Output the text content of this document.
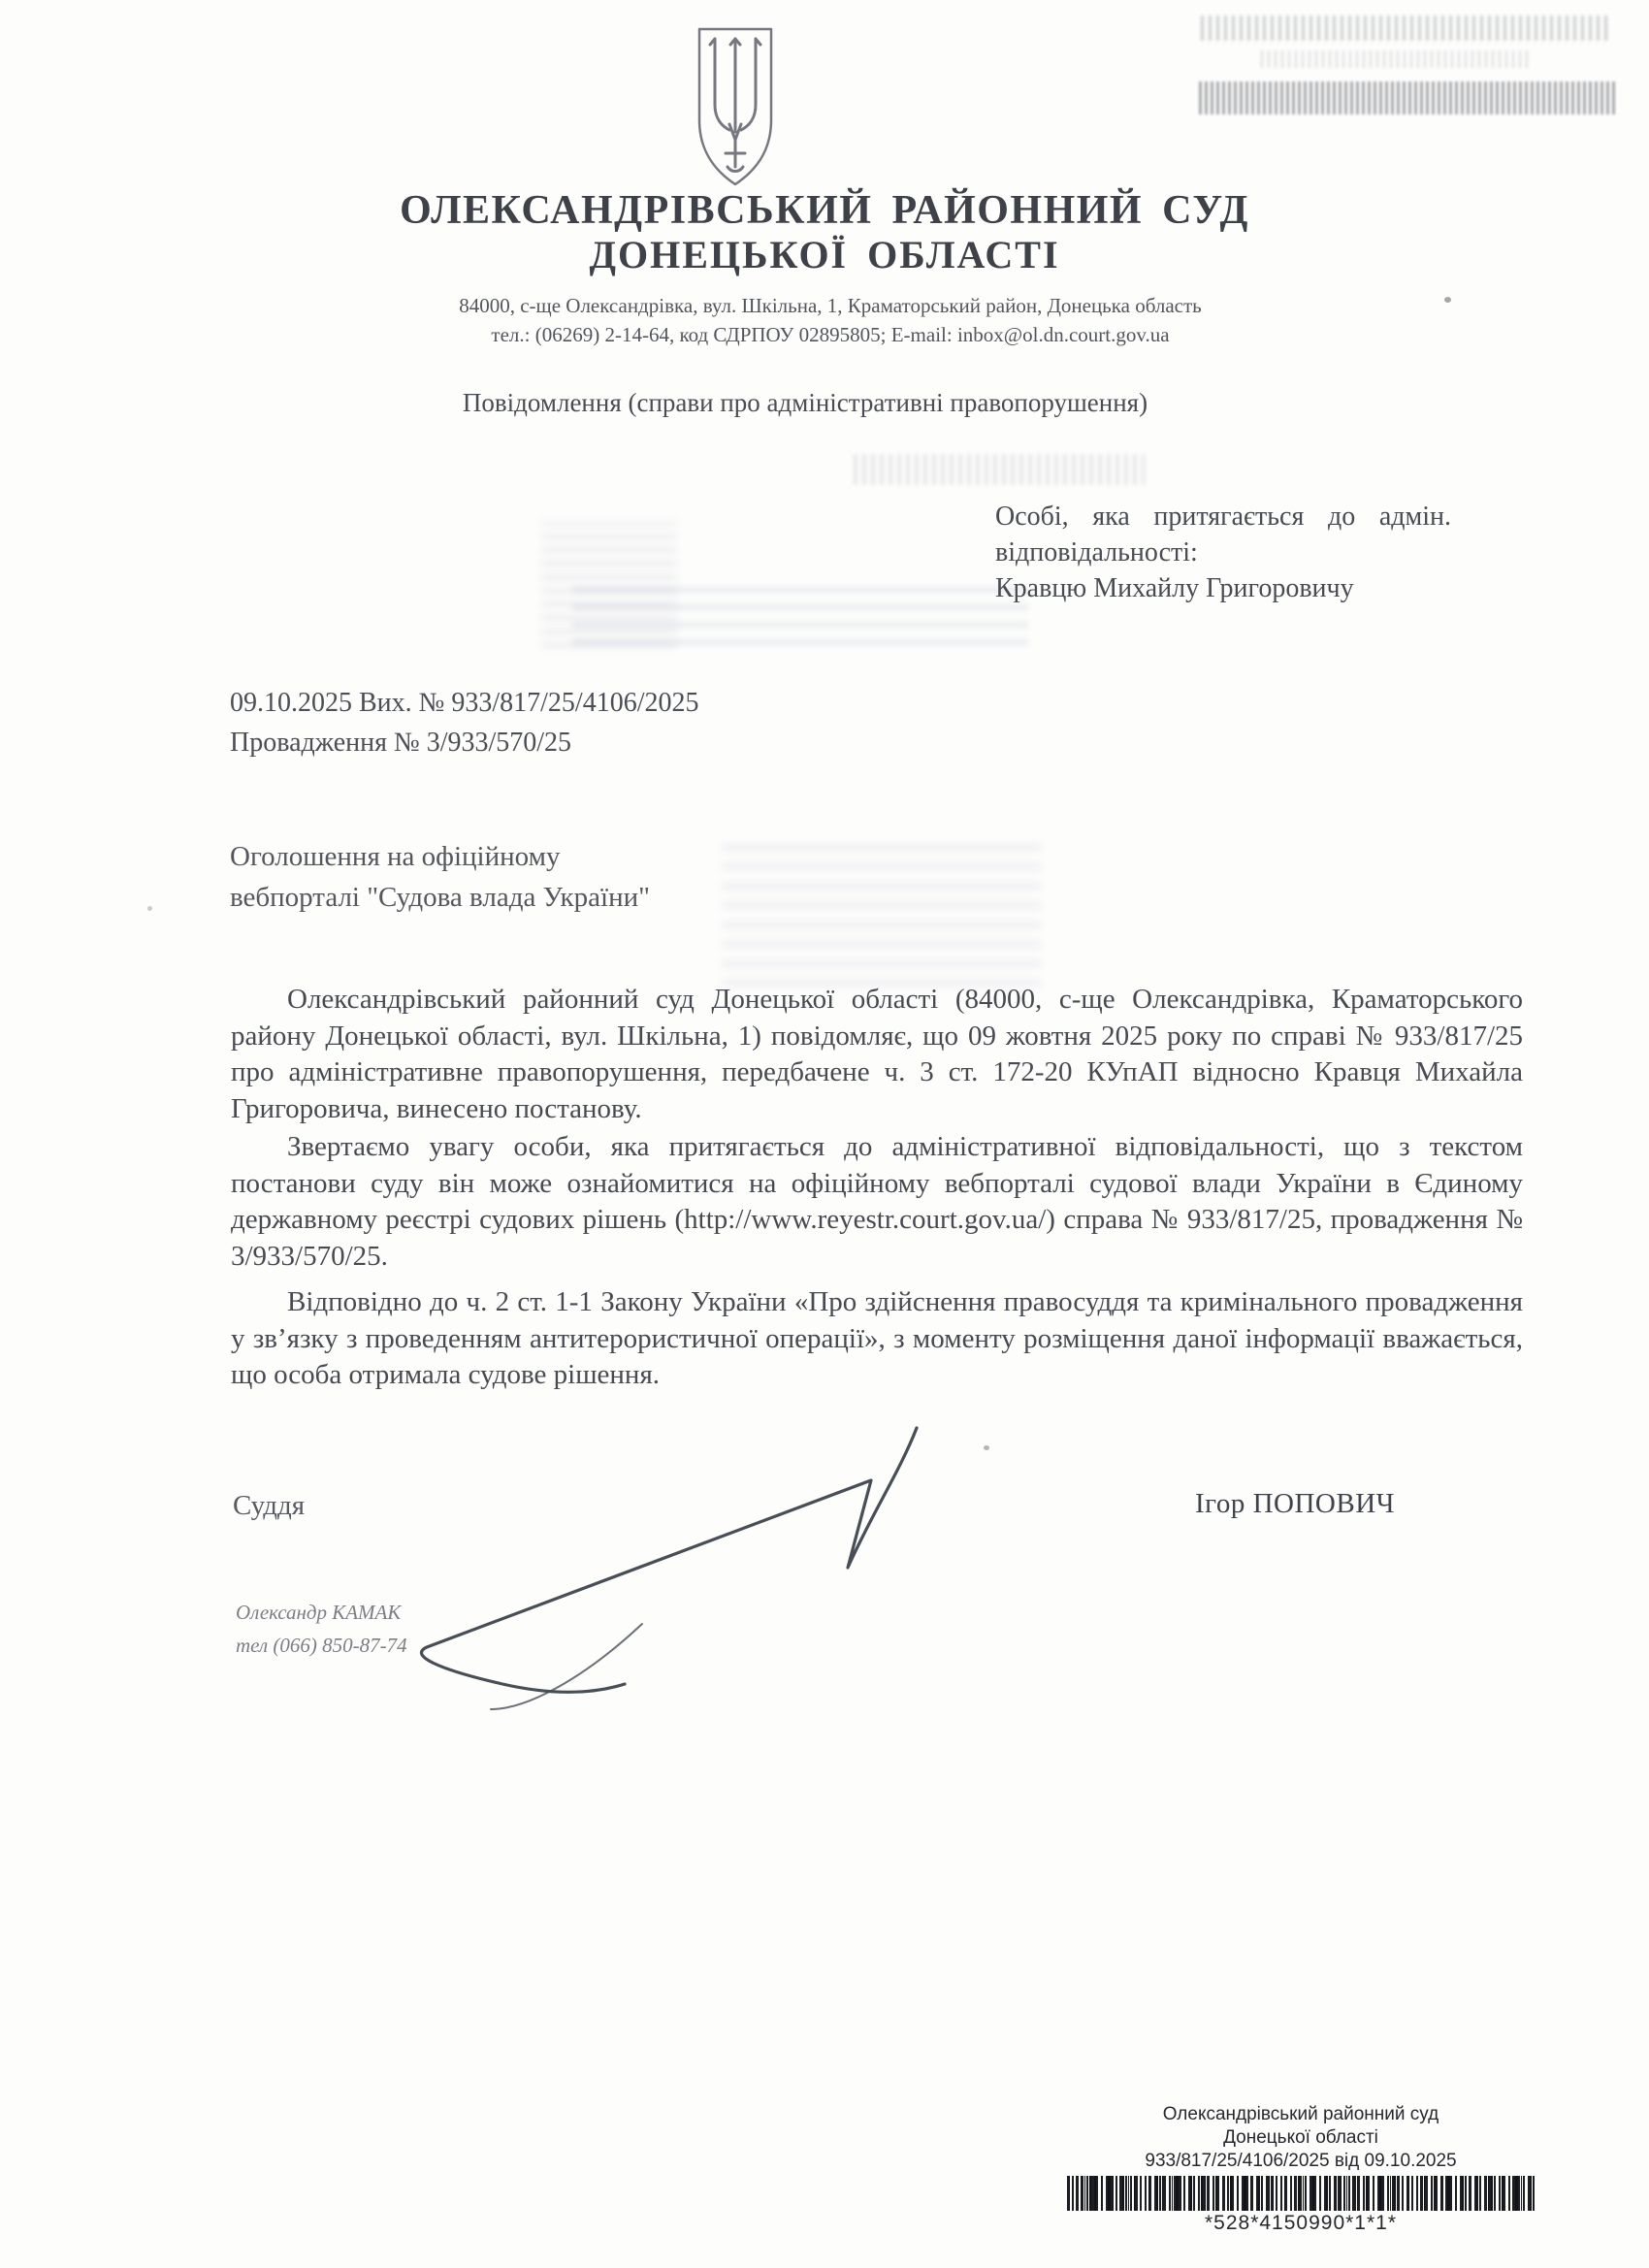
ОЛЕКСАНДРІВСЬКИЙ РАЙОННИЙ СУД
ДОНЕЦЬКОЇ ОБЛАСТІ
84000, с-ще Олександрівка, вул. Шкільна, 1, Краматорський район, Донецька область
тел.: (06269) 2-14-64, код СДРПОУ 02895805; E-mail: inbox@ol.dn.court.gov.ua
Повідомлення (справи про адміністративні правопорушення)
Особі, яка притягається до адмін. відповідальності:
Кравцю Михайлу Григоровичу
09.10.2025 Вих. № 933/817/25/4106/2025
Провадження № 3/933/570/25
Оголошення на офіційному
вебпорталі "Судова влада України"

Олександрівський районний суд Донецької області (84000, с-ще Олександрівка, Краматорського району Донецької області, вул. Шкільна, 1) повідомляє, що 09 жовтня 2025 року по справі № 933/817/25 про адміністративне правопорушення, передбачене ч. 3 ст. 172-20 КУпАП відносно Кравця Михайла Григоровича, винесено постанову.

Звертаємо увагу особи, яка притягається до адміністративної відповідальності, що з текстом постанови суду він може ознайомитися на офіційному вебпорталі судової влади України в Єдиному державному реєстрі судових рішень (http://www.reyestr.court.gov.ua/) справа № 933/817/25, провадження № 3/933/570/25.

Відповідно до ч. 2 ст. 1-1 Закону України «Про здійснення правосуддя та кримінального провадження у зв’язку з проведенням антитерористичної операції», з моменту розміщення даної інформації вважається, що особа отримала судове рішення.

Суддя	Ігор ПОПОВИЧ
Олександр КАМАК
тел (066) 850-87-74
Олександрівський районний суд
Донецької області
933/817/25/4106/2025 від 09.10.2025
*528*4150990*1*1*
